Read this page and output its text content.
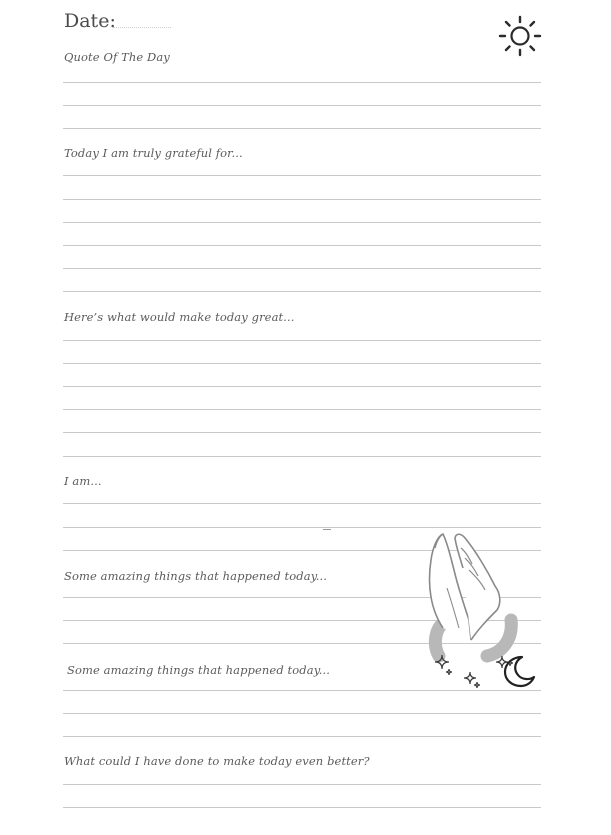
Date:
Quote Of The Day
Today I am truly grateful for...
Here’s what would make today great...
I am...
Some amazing things that happened today...
Some amazing things that happened today...
What could I have done to make today even better?
